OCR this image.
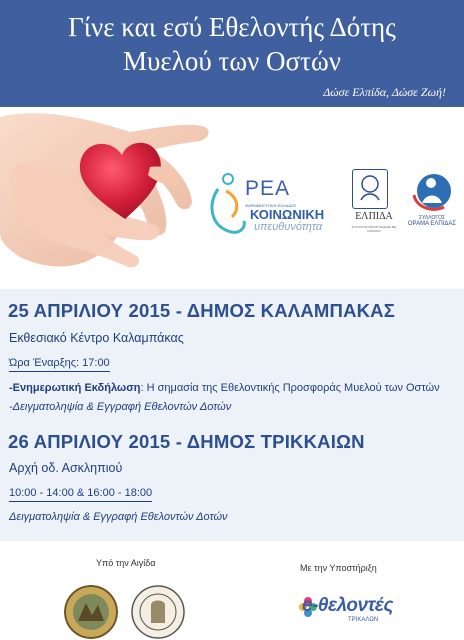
Γίνε και εσύ Εθελοντής Δότης
Μυελού των Οστών
Δώσε Ελπίδα, Δώσε Ζωή!
ΡΕΑ
ΦΑΡΜΑΚΕΥΤΙΚΗ ΕΛΛΑΔΟΣ
ΚΟΙΝΩΝΙΚΗ
υπευθυνότητα
ΕΛΠΙΔΑ
ΣΥΛΛΟΓΟΣ ΦΙΛΩΝ ΠΑΙΔΙΩΝ ΜΕ ΚΑΡΚΙΝΟ
ΣΥΛΛΟΓΟΣ
ΟΡΑΜΑ ΕΛΠΙΔΑΣ
25 ΑΠΡΙΛΙΟΥ 2015 - ΔΗΜΟΣ ΚΑΛΑΜΠΑΚΑΣ
Εκθεσιακό Κέντρο Καλαμπάκας
Ώρα Έναρξης: 17:00
-Ενημερωτική Εκδήλωση: Η σημασία της Εθελοντικής Προσφοράς Μυελού των Οστών
-Δειγματοληψία & Εγγραφή Εθελοντών Δοτών
26 ΑΠΡΙΛΙΟΥ 2015 - ΔΗΜΟΣ ΤΡΙΚΚΑΙΩΝ
Αρχή οδ. Ασκληπιού
10:00 - 14:00 & 16:00 - 18:00
Δειγματοληψία & Εγγραφή Εθελοντών Δοτών
Υπό την Αιγίδα	Με την Υποστήριξη
e-θελοντές
ΤΡΙΚΑΛΩΝ
